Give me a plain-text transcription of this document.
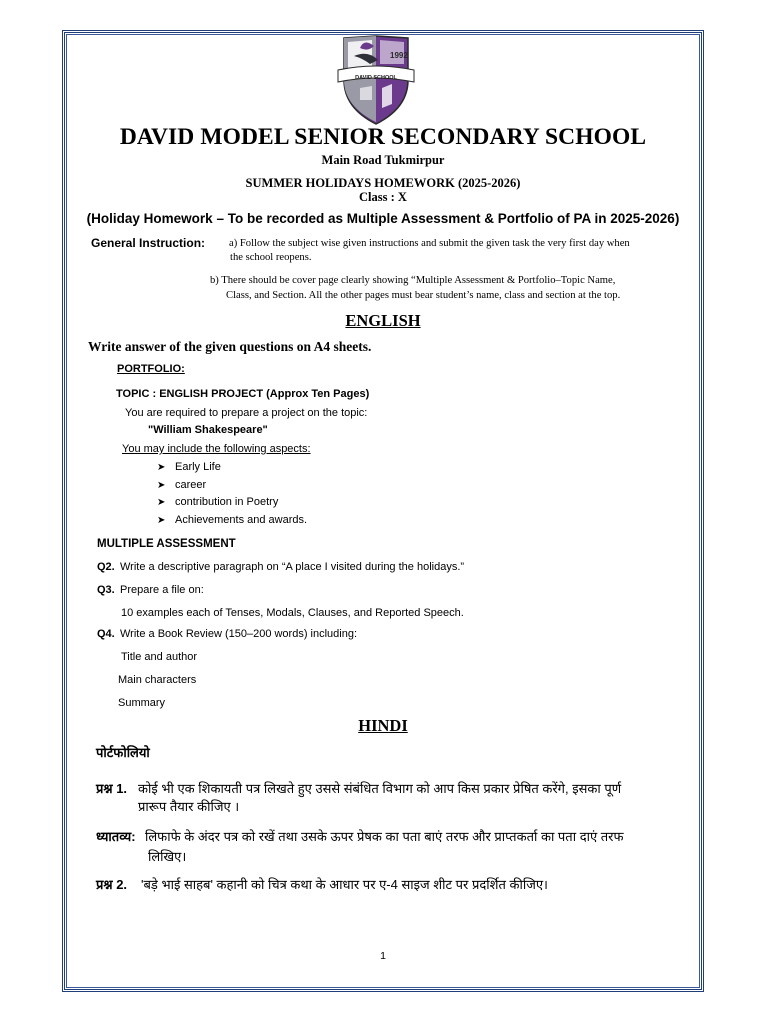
1992
DAVID SCHOOL
DAVID MODEL SENIOR SECONDARY SCHOOL
Main Road Tukmirpur
SUMMER HOLIDAYS HOMEWORK (2025-2026)
Class : X
(Holiday Homework – To be recorded as Multiple Assessment & Portfolio of PA in 2025-2026)
General Instruction: a) Follow the subject wise given instructions and submit the given task the very first day when
the school reopens.
b) There should be cover page clearly showing “Multiple Assessment & Portfolio–Topic Name,
Class, and Section. All the other pages must bear student’s name, class and section at the top.
ENGLISH
Write answer of the given questions on A4 sheets.
PORTFOLIO:
TOPIC : ENGLISH PROJECT (Approx Ten Pages)
You are required to prepare a project on the topic:
"William Shakespeare"
You may include the following aspects:
➤ Early Life
➤ career
➤ contribution in Poetry
➤ Achievements and awards.
MULTIPLE ASSESSMENT
Q2. Write a descriptive paragraph on “A place I visited during the holidays.”
Q3. Prepare a file on:
10 examples each of Tenses, Modals, Clauses, and Reported Speech.
Q4. Write a Book Review (150–200 words) including:
Title and author
Main characters
Summary
HINDI
पोर्टफोलियो
प्रश्न 1. कोई भी एक शिकायती पत्र लिखते हुए उससे संबंधित विभाग को आप किस प्रकार प्रेषित करेंगे, इसका पूर्ण
प्रारूप तैयार कीजिए ।
ध्यातव्य: लिफाफे के अंदर पत्र को रखें तथा उसके ऊपर प्रेषक का पता बाएं तरफ और प्राप्तकर्ता का पता दाएं तरफ
लिखिए।
प्रश्न 2. 'बड़े भाई साहब' कहानी को चित्र कथा के आधार पर ए-4 साइज शीट पर प्रदर्शित कीजिए।
1
